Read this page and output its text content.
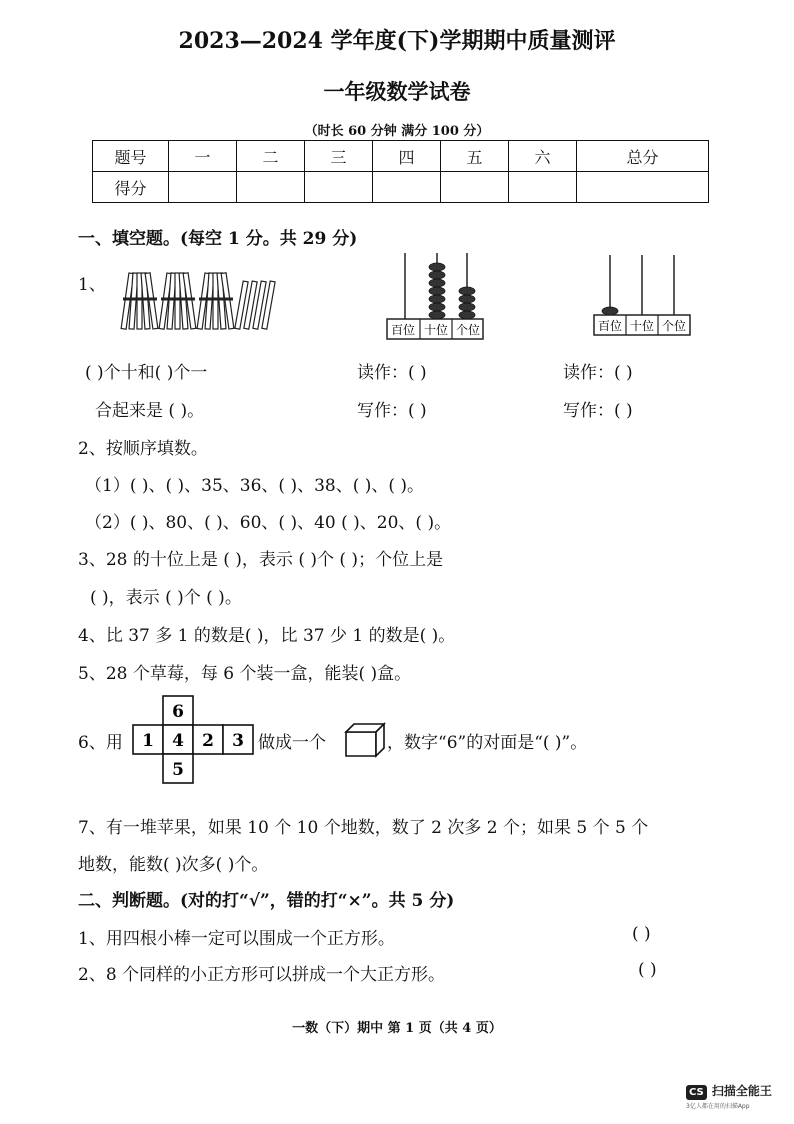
2023—2024 学年度(下)学期期中质量测评
一年级数学试卷
（时长 60 分钟 满分 100 分）
题号	一	二	三	四	五	六	总分
得分							
一、填空题。(每空 1 分。共 29 分)
1、
百位 十位 个位	百位 十位 个位
( )个十和( )个一	读作：( )	读作：( )
合起来是 ( )。	写作：( )	写作：( )
2、按顺序填数。
（1）( )、( )、35、36、( )、38、( )、( )。
（2）( )、80、( )、60、( )、40 ( )、20、( )。
3、28 的十位上是 ( )，表示 ( )个 ( )；个位上是
( )，表示 ( )个 ( )。
4、比 37 多 1 的数是( )，比 37 少 1 的数是( )。
5、28 个草莓，每 6 个装一盒，能装( )盒。
6、用
6
1 4 2 3
5
做成一个	，数字“6”的对面是“( )”。
7、有一堆苹果，如果 10 个 10 个地数，数了 2 次多 2 个；如果 5 个 5 个
地数，能数( )次多( )个。
二、判断题。(对的打“√”，错的打“×”。共 5 分)
1、用四根小棒一定可以围成一个正方形。	( )
2、8 个同样的小正方形可以拼成一个大正方形。	( )
一数（下）期中 第 1 页（共 4 页）
CS 扫描全能王
3亿人都在用的扫描App
